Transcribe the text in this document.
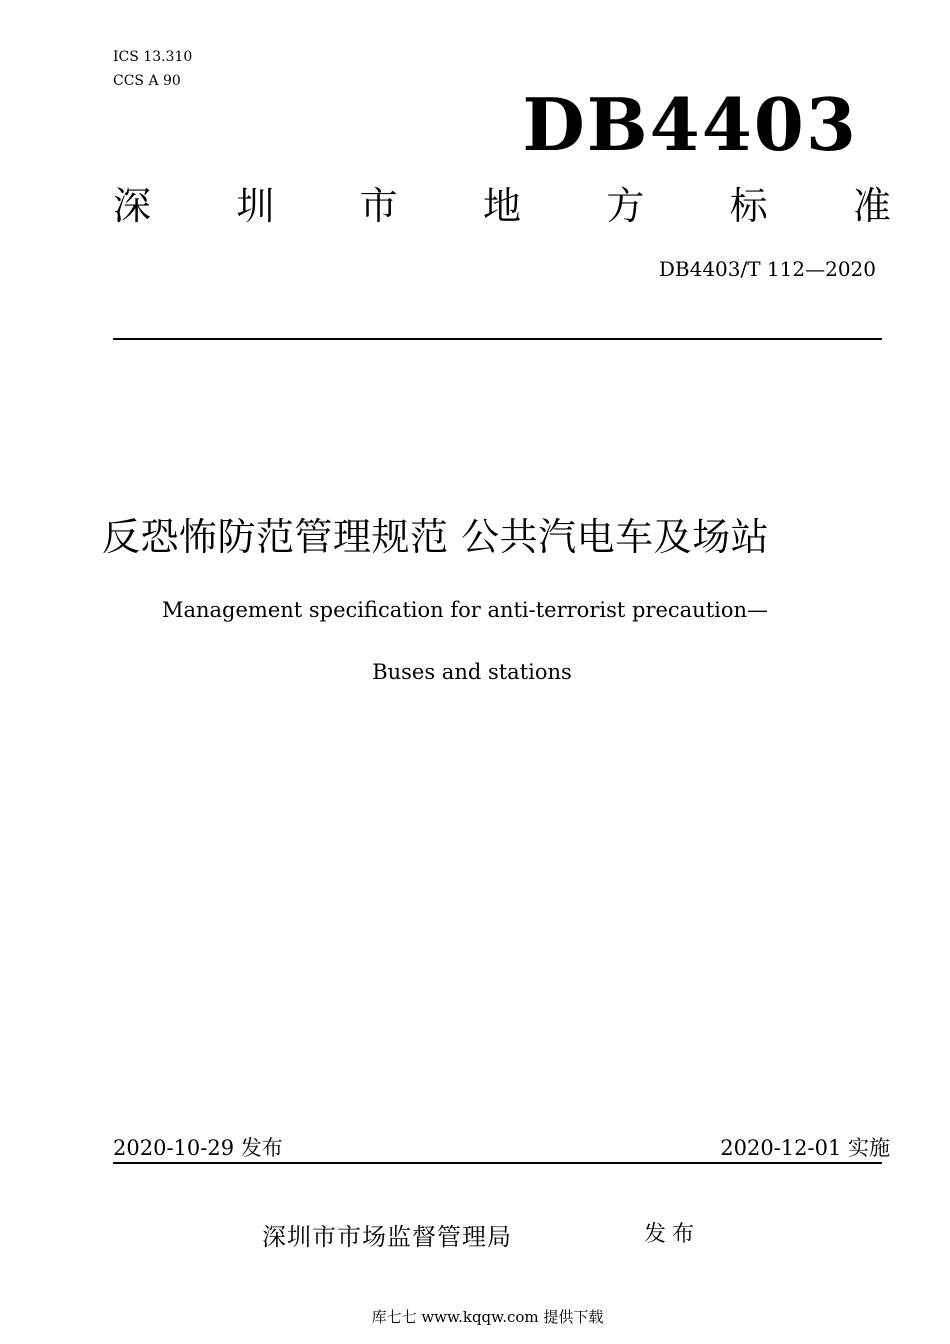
ICS 13.310
CCS A 90
DB4403
深 圳 市 地 方 标 准
DB4403/T 112—2020
反恐怖防范管理规范 公共汽电车及场站
Management specification for anti-terrorist precaution—
Buses and stations
2020-10-29 发布	2020-12-01 实施
深圳市市场监督管理局	发布
库七七 www.kqqw.com 提供下载
